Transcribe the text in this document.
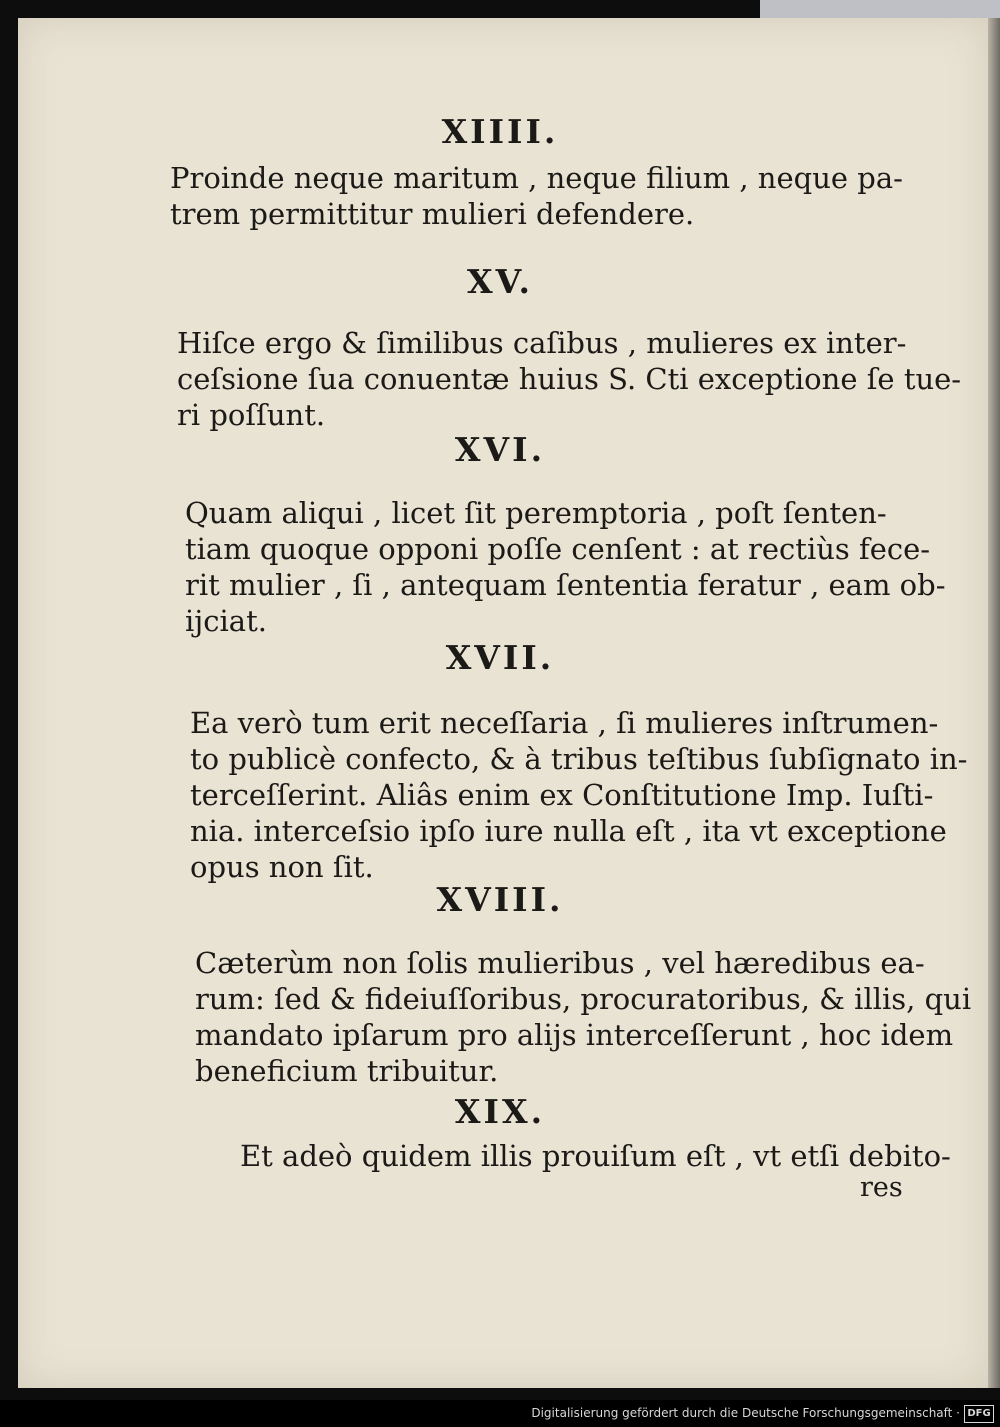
XIIII.
Proinde neque maritum , neque filium , neque pa-
trem permittitur mulieri defendere.
XV.
Hiſce ergo & ſimilibus caſibus , mulieres ex inter-
ceſsione ſua conuentæ huius S. Cti exceptione ſe tue-
ri poſſunt.
XVI.
Quam aliqui , licet ſit peremptoria , poſt ſenten-
tiam quoque opponi poſſe cenſent : at rectiùs fece-
rit mulier , ſi , antequam ſententia feratur , eam ob-
ijciat.
XVII.
Ea verò tum erit neceſſaria , ſi mulieres inſtrumen-
to publicè confecto, & à tribus teſtibus ſubſignato in-
terceſſerint. Aliâs enim ex Conſtitutione Imp. Iuſti-
nia. interceſsio ipſo iure nulla eſt , ita vt exceptione
opus non ſit.
XVIII.
Cæterùm non ſolis mulieribus , vel hæredibus ea-
rum: ſed & fideiuſſoribus, procuratoribus, & illis, qui
mandato ipſarum pro alijs interceſſerunt , hoc idem
beneficium tribuitur.
XIX.
Et adeò quidem illis prouiſum eſt , vt etſi debito-
res
Digitalisierung gefördert durch die Deutsche Forschungsgemeinschaft · DFG
